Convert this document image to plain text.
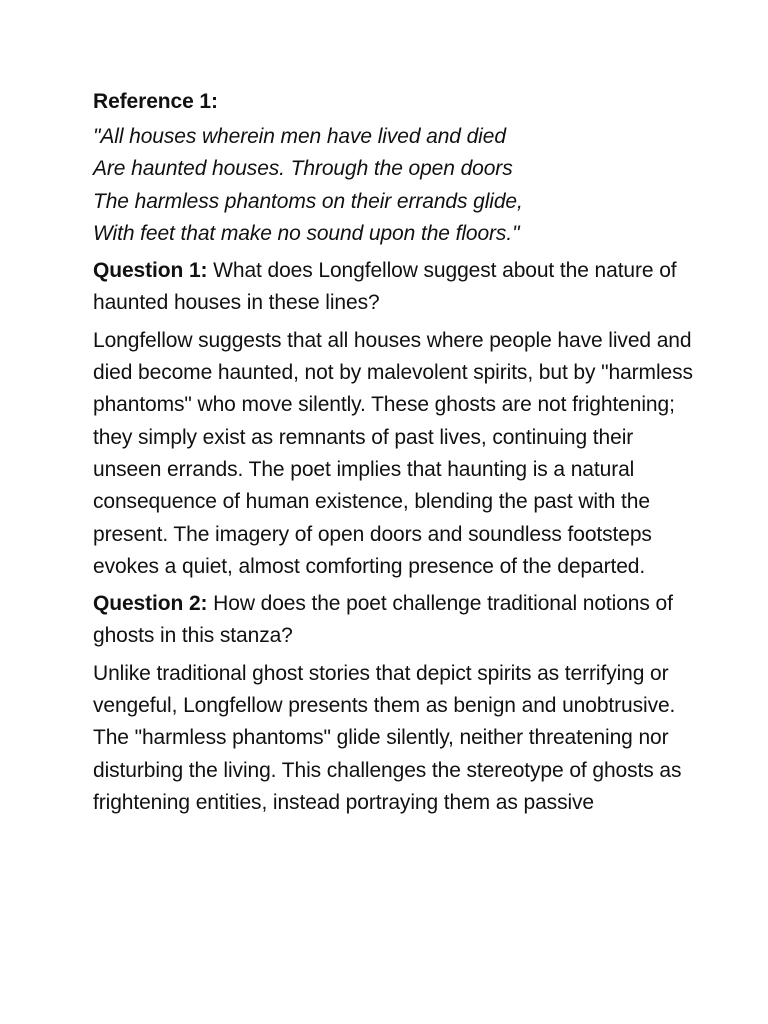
Reference 1:
"All houses wherein men have lived and died
Are haunted houses. Through the open doors
The harmless phantoms on their errands glide,
With feet that make no sound upon the floors."
Question 1: What does Longfellow suggest about the nature of haunted houses in these lines?
Longfellow suggests that all houses where people have lived and died become haunted, not by malevolent spirits, but by "harmless phantoms" who move silently. These ghosts are not frightening; they simply exist as remnants of past lives, continuing their unseen errands. The poet implies that haunting is a natural consequence of human existence, blending the past with the present. The imagery of open doors and soundless footsteps evokes a quiet, almost comforting presence of the departed.
Question 2: How does the poet challenge traditional notions of ghosts in this stanza?
Unlike traditional ghost stories that depict spirits as terrifying or vengeful, Longfellow presents them as benign and unobtrusive. The "harmless phantoms" glide silently, neither threatening nor disturbing the living. This challenges the stereotype of ghosts as frightening entities, instead portraying them as passive
